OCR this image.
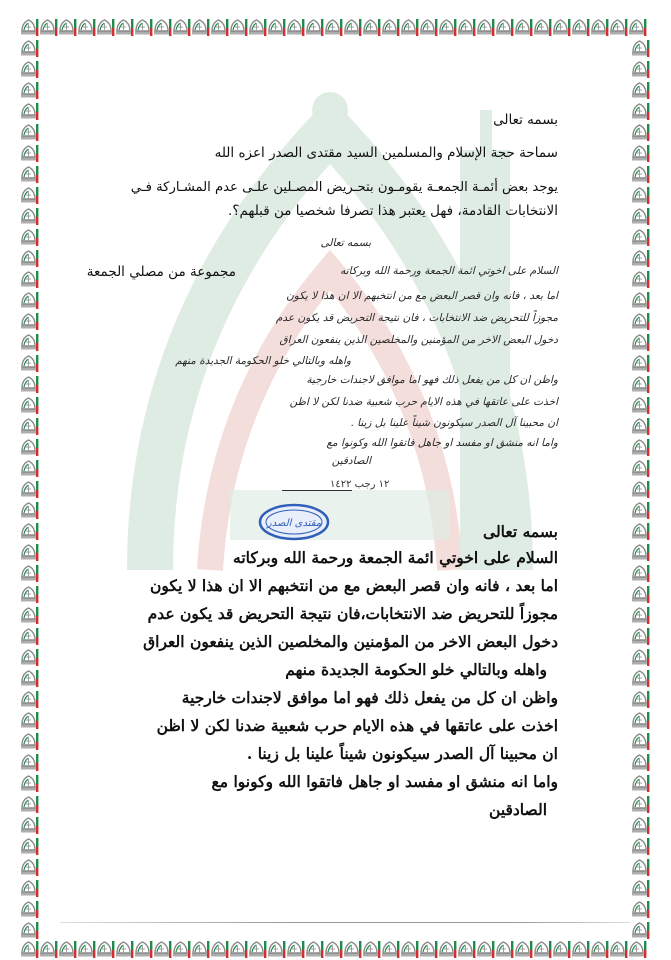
بسمه تعالى
سماحة حجة الإسلام والمسلمين السيد مقتدى الصدر اعزه الله
يوجد بعض أئمـة الجمعـة يقومـون بتحـريض المصـلين علـى عدم المشـاركة فـي
الانتخابات القادمة، فهل يعتبر هذا تصرفا شخصيا من قبلهم؟.
مجموعة من مصلي الجمعة
بسمه تعالى
السلام على اخوتي ائمة الجمعة ورحمة الله وبركاته
اما بعد ، فانه وان قصر البعض مع من انتخبهم الا ان هذا لا يكون
مجوزاً للتحريض ضد الانتخابات ، فان نتيجة التحريض قد يكون عدم
دخول البعض الاخر من المؤمنين والمخلصين الذين ينفعون العراق
واهله وبالتالي خلو الحكومة الجديدة منهم
واظن ان كل من يفعل ذلك فهو اما موافق لاجندات خارجية
اخذت على عاتقها في هذه الايام حرب شعبية ضدنا لكن لا اظن
ان محبينا آل الصدر سيكونون شيناً علينا بل زينا .
واما انه منشق او مفسد او جاهل فاتقوا الله وكونوا مع
الصادقين
١٢ رجب ١٤٢٢
مقتدى الصدر	بسمه تعالى
السلام على اخوتي ائمة الجمعة ورحمة الله وبركاته
اما بعد ، فانه وان قصر البعض مع من انتخبهم الا ان هذا لا يكون
مجوزاً للتحريض ضد الانتخابات،فان نتيجة التحريض قد يكون عدم
دخول البعض الاخر من المؤمنين والمخلصين الذين ينفعون العراق
واهله وبالتالي خلو الحكومة الجديدة منهم
واظن ان كل من يفعل ذلك فهو اما موافق لاجندات خارجية
اخذت على عاتقها في هذه الايام حرب شعبية ضدنا لكن لا اظن
ان محبينا آل الصدر سيكونون شيناً علينا بل زينا .
واما انه منشق او مفسد او جاهل فاتقوا الله وكونوا مع
الصادقين
